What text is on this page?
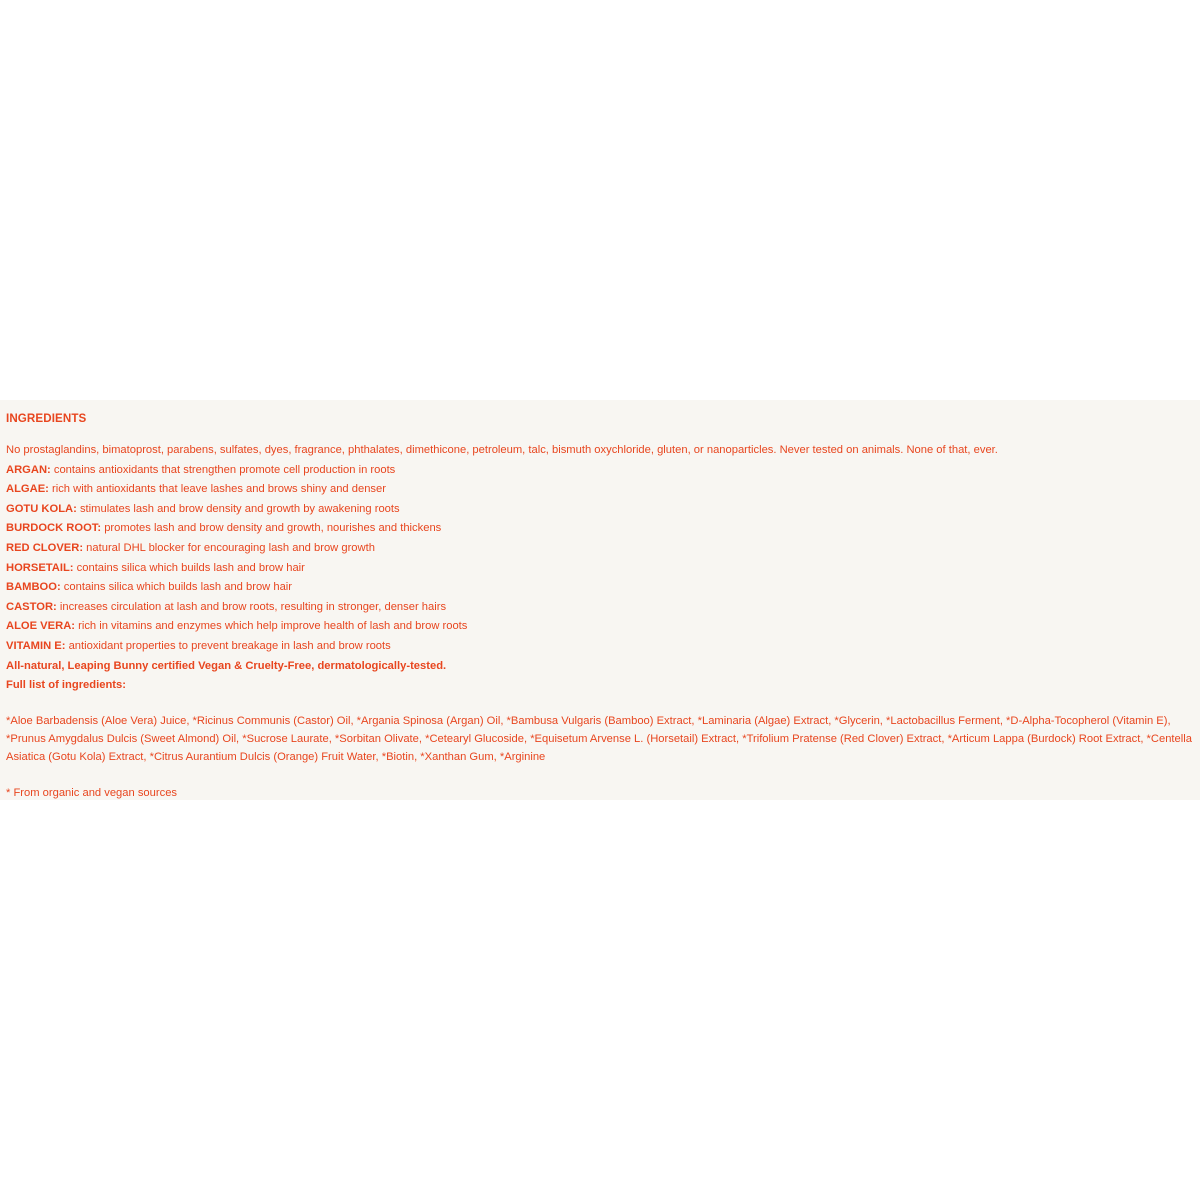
INGREDIENTS
No prostaglandins, bimatoprost, parabens, sulfates, dyes, fragrance, phthalates, dimethicone, petroleum, talc, bismuth oxychloride, gluten, or nanoparticles. Never tested on animals. None of that, ever.
ARGAN: contains antioxidants that strengthen promote cell production in roots
ALGAE: rich with antioxidants that leave lashes and brows shiny and denser
GOTU KOLA: stimulates lash and brow density and growth by awakening roots
BURDOCK ROOT: promotes lash and brow density and growth, nourishes and thickens
RED CLOVER: natural DHL blocker for encouraging lash and brow growth
HORSETAIL: contains silica which builds lash and brow hair
BAMBOO: contains silica which builds lash and brow hair
CASTOR: increases circulation at lash and brow roots, resulting in stronger, denser hairs
ALOE VERA: rich in vitamins and enzymes which help improve health of lash and brow roots
VITAMIN E: antioxidant properties to prevent breakage in lash and brow roots
All-natural, Leaping Bunny certified Vegan & Cruelty-Free, dermatologically-tested.
Full list of ingredients:
*Aloe Barbadensis (Aloe Vera) Juice, *Ricinus Communis (Castor) Oil, *Argania Spinosa (Argan) Oil, *Bambusa Vulgaris (Bamboo) Extract, *Laminaria (Algae) Extract, *Glycerin, *Lactobacillus Ferment, *D-Alpha-Tocopherol (Vitamin E), *Prunus Amygdalus Dulcis (Sweet Almond) Oil, *Sucrose Laurate, *Sorbitan Olivate, *Cetearyl Glucoside, *Equisetum Arvense L. (Horsetail) Extract, *Trifolium Pratense (Red Clover) Extract, *Articum Lappa (Burdock) Root Extract, *Centella Asiatica (Gotu Kola) Extract, *Citrus Aurantium Dulcis (Orange) Fruit Water, *Biotin, *Xanthan Gum, *Arginine
* From organic and vegan sources
